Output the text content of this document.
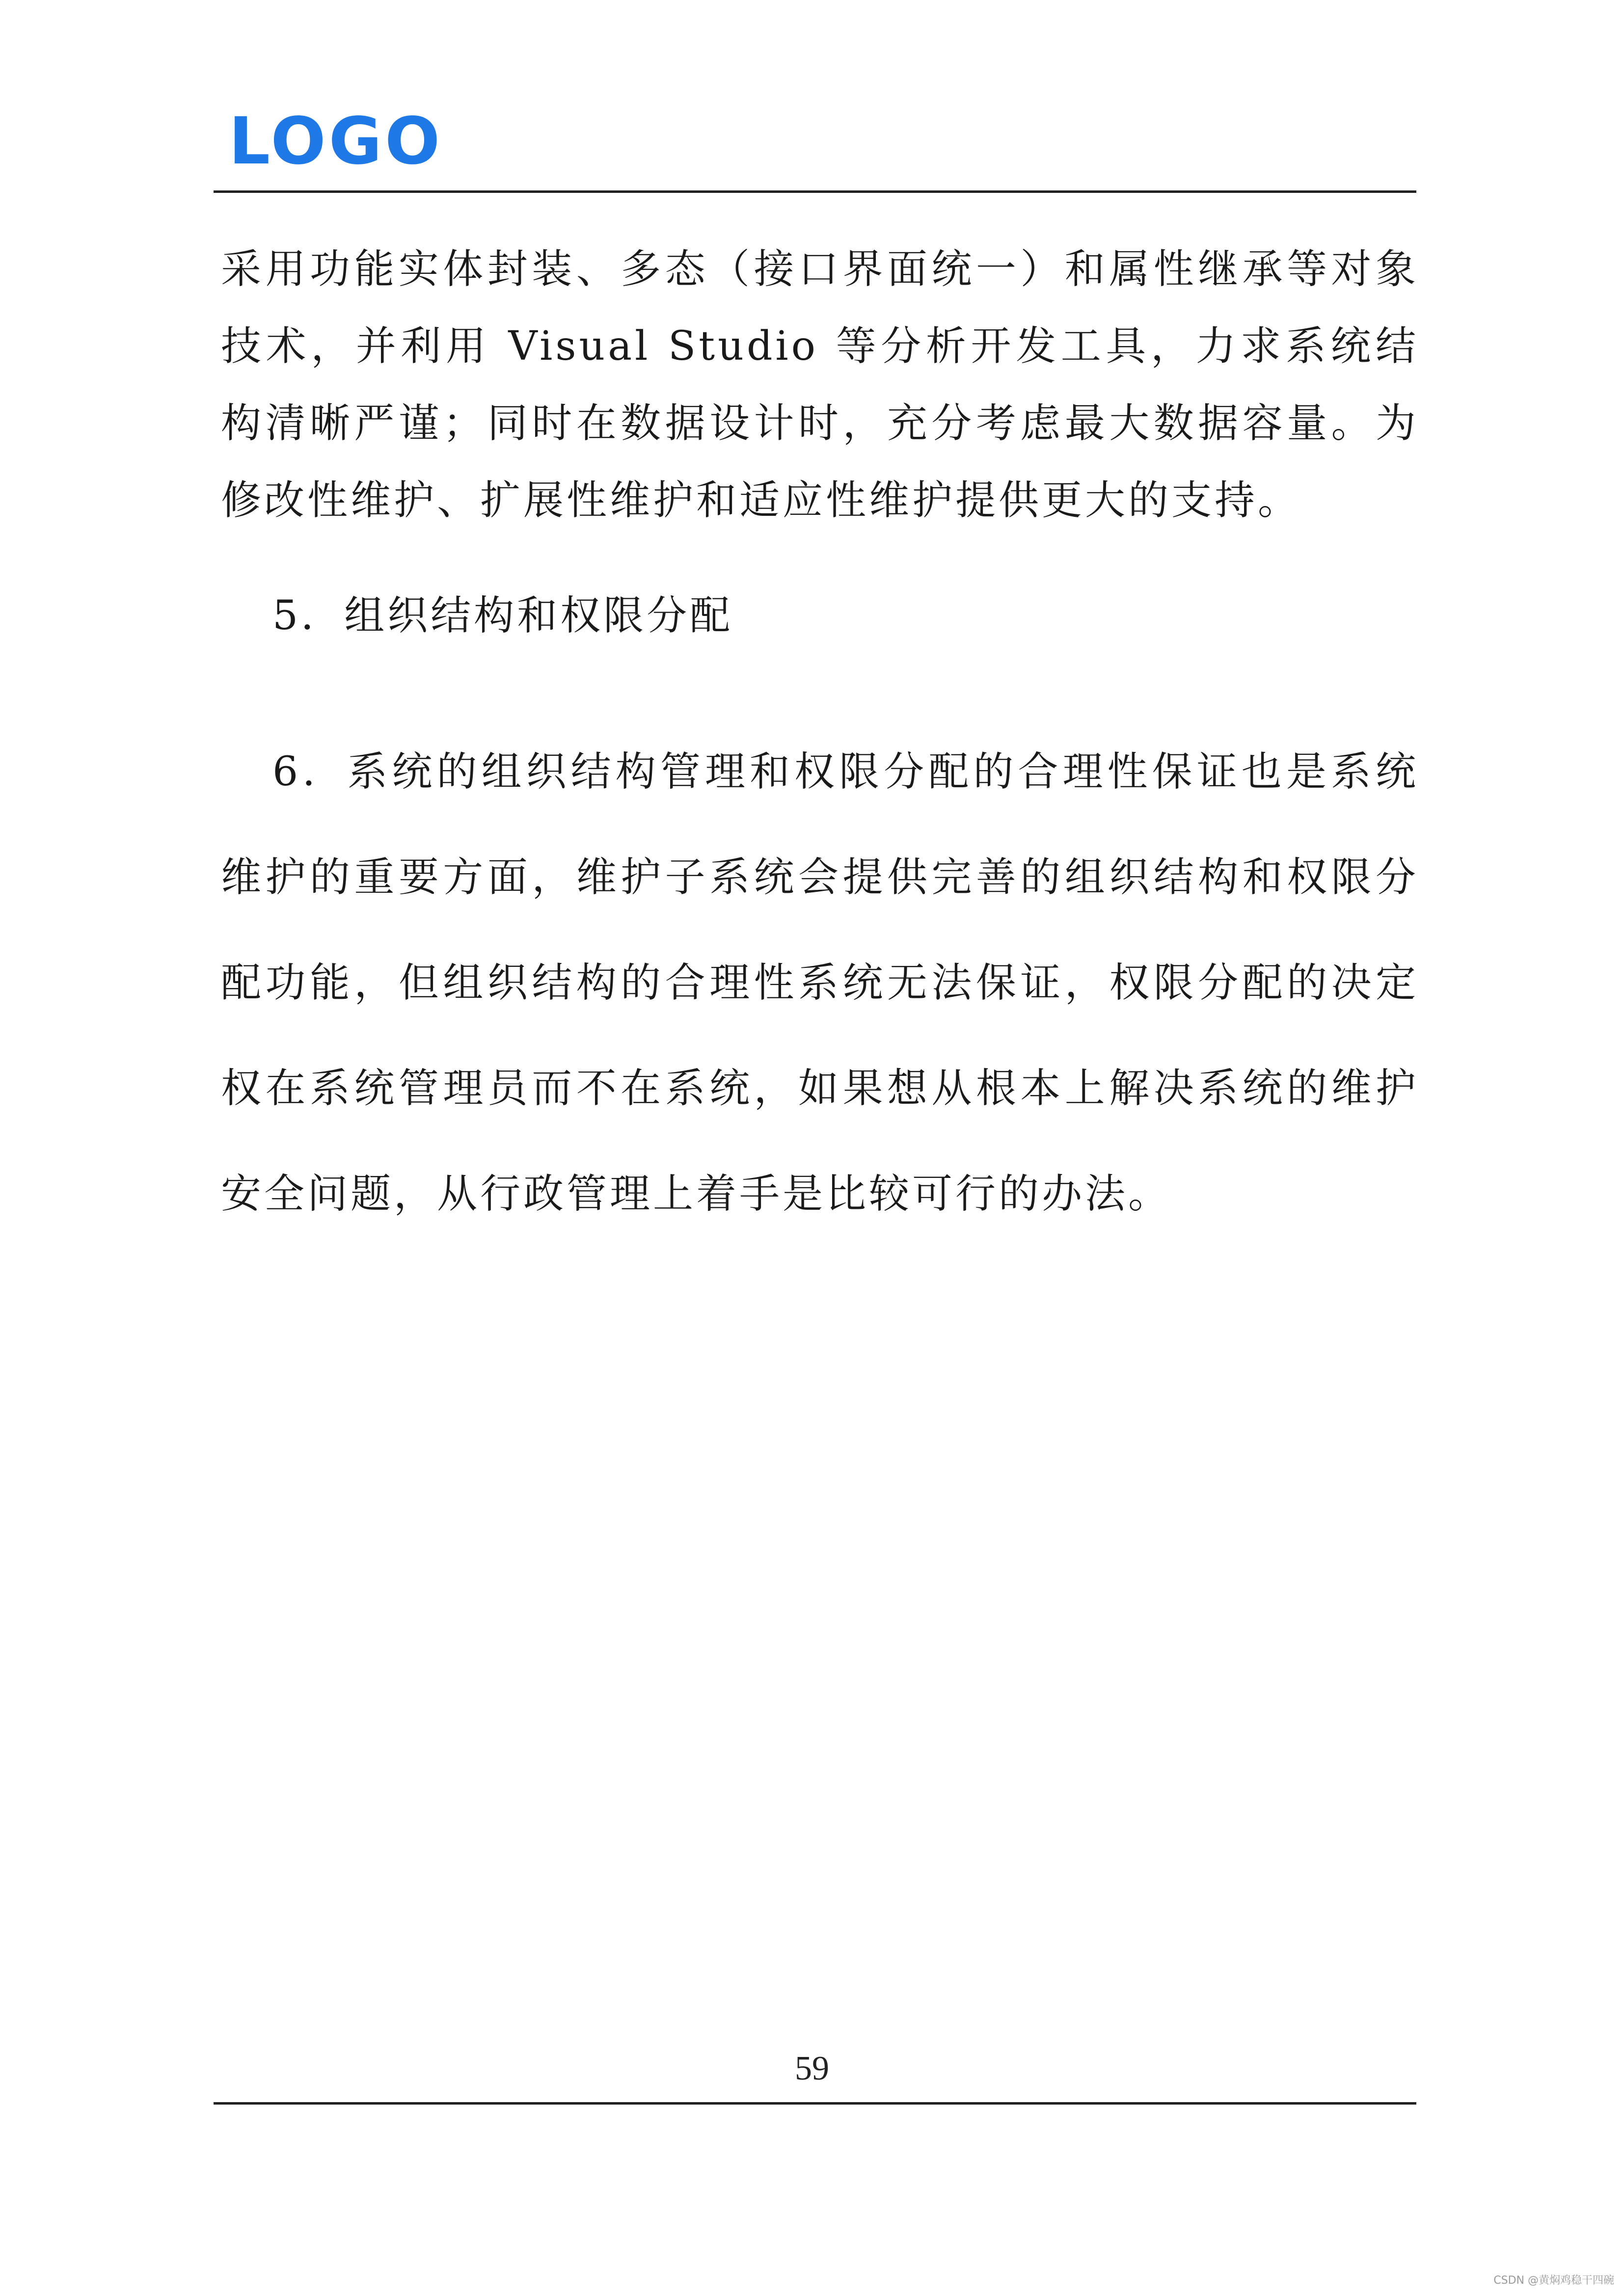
LOGO

采用功能实体封装、多态（接口界面统一）和属性继承等对象技术，并利用 Visual Studio 等分析开发工具，力求系统结构清晰严谨；同时在数据设计时，充分考虑最大数据容量。为修改性维护、扩展性维护和适应性维护提供更大的支持。

5．组织结构和权限分配

6．系统的组织结构管理和权限分配的合理性保证也是系统维护的重要方面，维护子系统会提供完善的组织结构和权限分配功能，但组织结构的合理性系统无法保证，权限分配的决定权在系统管理员而不在系统，如果想从根本上解决系统的维护安全问题，从行政管理上着手是比较可行的办法。

59
CSDN @黄焖鸡稳干四碗
